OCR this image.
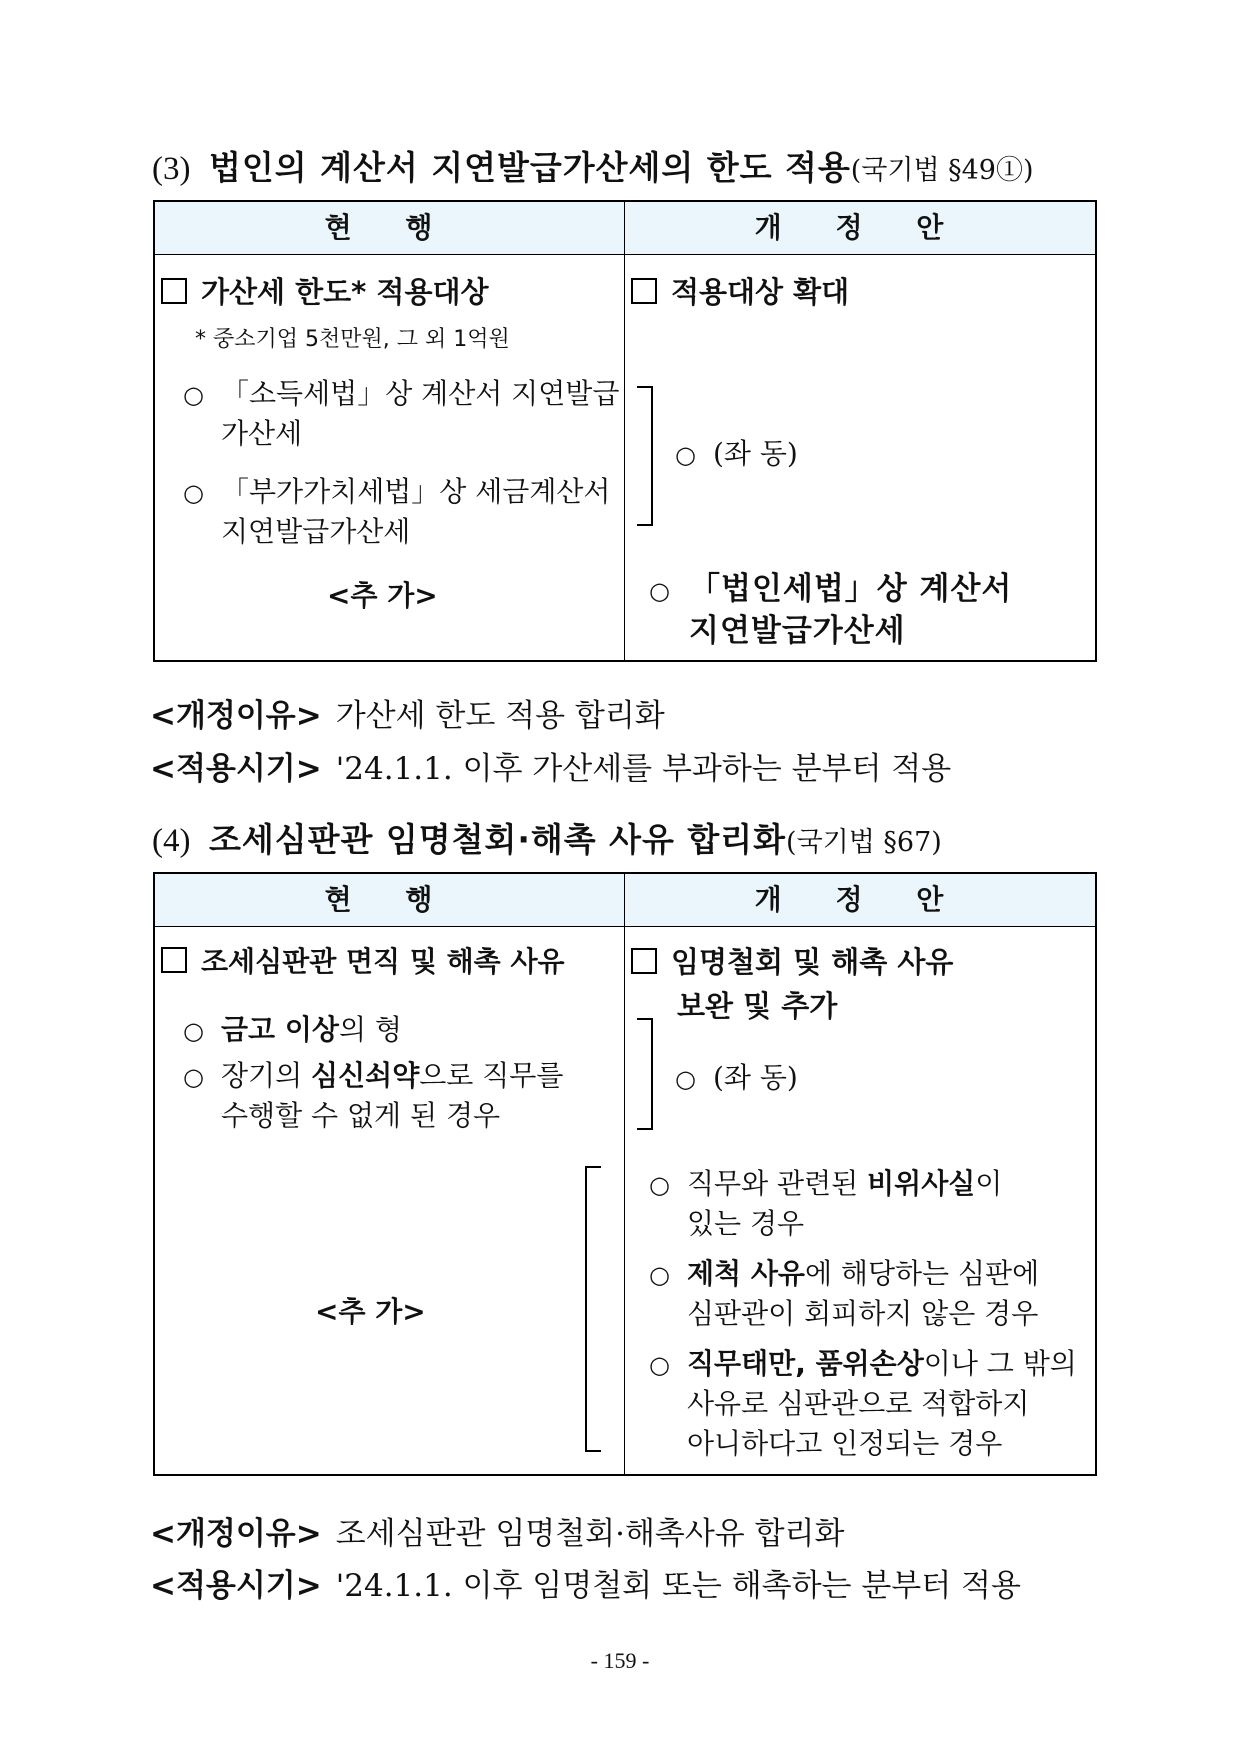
(3) 법인의 계산서 지연발급가산세의 한도 적용(국기법 §49①)
현 행	개 정 안
가산세 한도* 적용대상
* 중소기업 5천만원, 그 외 1억원
○ 「소득세법」상 계산서 지연발급
가산세
○ 「부가가치세법」상 세금계산서
지연발급가산세
<추 가>
적용대상 확대
○ (좌 동)
○ 「법인세법」상 계산서
지연발급가산세
<개정이유> 가산세 한도 적용 합리화
<적용시기> '24.1.1. 이후 가산세를 부과하는 분부터 적용
(4) 조세심판관 임명철회·해촉 사유 합리화(국기법 §67)
현 행	개 정 안
조세심판관 면직 및 해촉 사유
○ 금고 이상의 형
○ 장기의 심신쇠약으로 직무를
수행할 수 없게 된 경우
<추 가>
임명철회 및 해촉 사유
보완 및 추가
○ (좌 동)
○ 직무와 관련된 비위사실이
있는 경우
○ 제척 사유에 해당하는 심판에
심판관이 회피하지 않은 경우
○ 직무태만, 품위손상이나 그 밖의
사유로 심판관으로 적합하지
아니하다고 인정되는 경우
<개정이유> 조세심판관 임명철회·해촉사유 합리화
<적용시기> '24.1.1. 이후 임명철회 또는 해촉하는 분부터 적용
- 159 -
